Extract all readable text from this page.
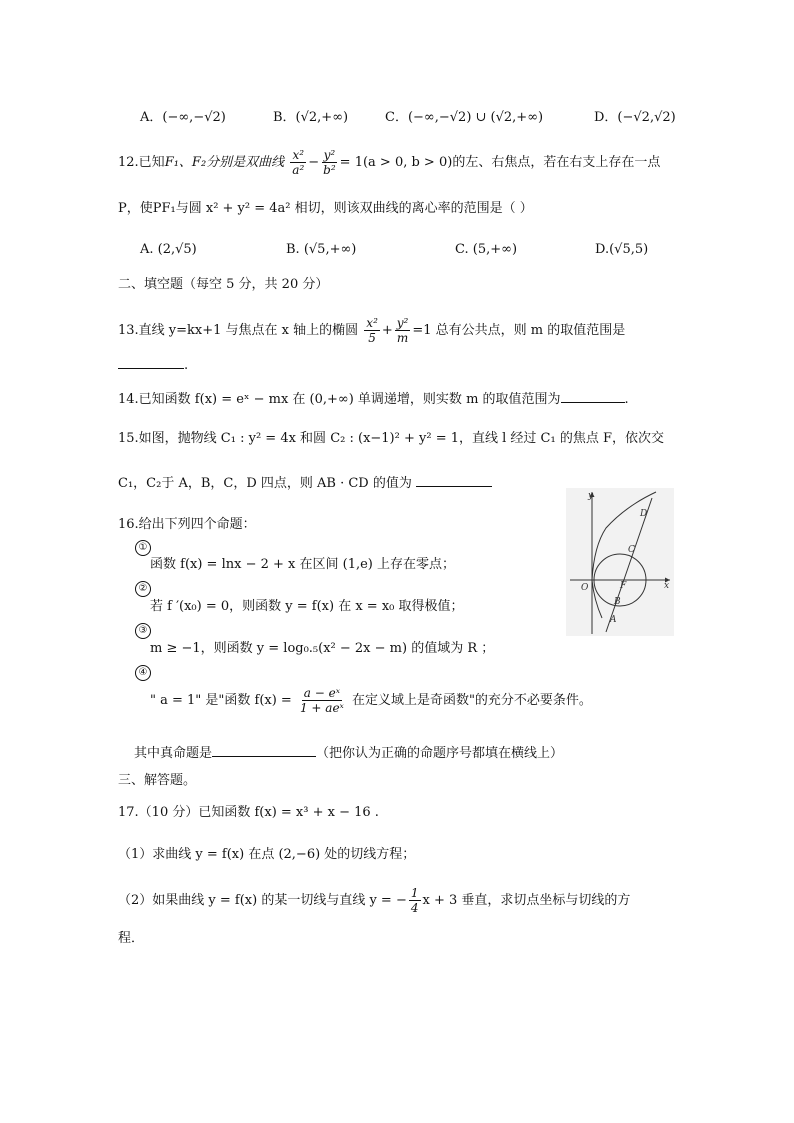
A．(−∞,−√2)	B．(√2,+∞)	C．(−∞,−√2) ∪ (√2,+∞)	D．(−√2,√2)
12.已知F₁、F₂分别是双曲线 $\frac{\text{x²}}{\text{a²}} - \frac{\text{y²}}{\text{b²}} = 1(a > 0$, b > 0)的左、右焦点，若在右支上存在一点
P，使PF₁与圆 x² + y² = 4a² 相切，则该双曲线的离心率的范围是（ ）
A. (2,√5)	B. (√5,+∞)	C. (5,+∞)	D.(√5,5)
二、填空题（每空 5 分，共 20 分）
13.直线 y=kx+1 与焦点在 x 轴上的椭圆 $\frac{\text{x²}}{5} + \frac{\text{y²}}{m} =1$ 总有公共点，则 m 的取值范围是
.
14.已知函数 f(x) = eˣ − mx 在 (0,+∞) 单调递增，则实数 m 的取值范围为	.
15.如图，抛物线 C₁ : y² = 4x 和圆 C₂ : (x−1)² + y² = 1，直线 l 经过 C₁ 的焦点 F，依次交
C₁，C₂于 A，B，C，D 四点，则 AB · CD 的值为
y
x
O
D
C
F
B
A
16.给出下列四个命题：
①
函数 f(x) = lnx − 2 + x 在区间 (1,e) 上存在零点；
②
若 f ′(x₀) = 0，则函数 y = f(x) 在 x = x₀ 取得极值；
③
m ≥ −1，则函数 y = log₀.₅(x² − 2x − m) 的值域为 R ；
④
" a = 1" 是"函数 $f(x) = \frac{\text{a − eˣ}}{\text{1 + aeˣ}}$ 在定义域上是奇函数"的充分不必要条件。
其中真命题是	（把你认为正确的命题序号都填在横线上）
三、解答题。
17.（10 分）已知函数 f(x) = x³ + x − 16 .
（1）求曲线 y = f(x) 在点 (2,−6) 处的切线方程；
（2）如果曲线 y = f(x) 的某一切线与直线 y = − $\frac{1}{4}$ x + 3 垂直，求切点坐标与切线的方
程．
